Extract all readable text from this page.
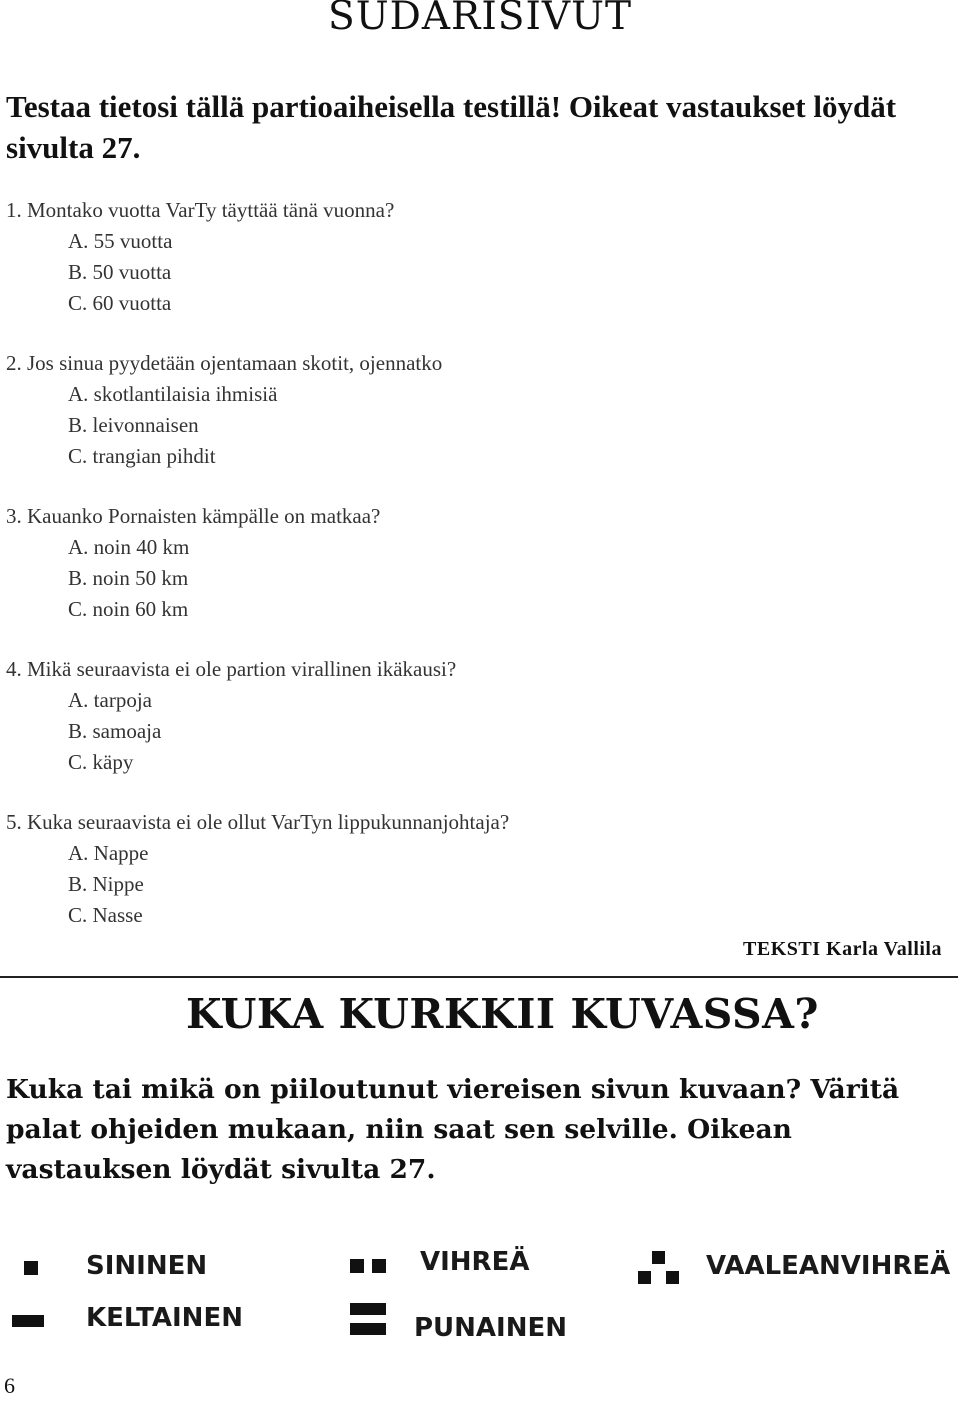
SUDARISIVUT
Testaa tietosi tällä partioaiheisella testillä! Oikeat vastaukset löydät sivulta 27.
1. Montako vuotta VarTy täyttää tänä vuonna?
A. 55 vuotta
B. 50 vuotta
C. 60 vuotta
2. Jos sinua pyydetään ojentamaan skotit, ojennatko
A. skotlantilaisia ihmisiä
B. leivonnaisen
C. trangian pihdit
3. Kauanko Pornaisten kämpälle on matkaa?
A. noin 40 km
B. noin 50 km
C. noin 60 km
4. Mikä seuraavista ei ole partion virallinen ikäkausi?
A. tarpoja
B. samoaja
C. käpy
5. Kuka seuraavista ei ole ollut VarTyn lippukunnanjohtaja?
A. Nappe
B. Nippe
C. Nasse
TEKSTI Karla Vallila
KUKA KURKKII KUVASSA?
Kuka tai mikä on piiloutunut viereisen sivun kuvaan? Väritä palat ohjeiden mukaan, niin saat sen selville. Oikean vastauksen löydät sivulta 27.
SININEN	VIHREÄ	VAALEANVIHREÄ
KELTAINEN	PUNAINEN
6
